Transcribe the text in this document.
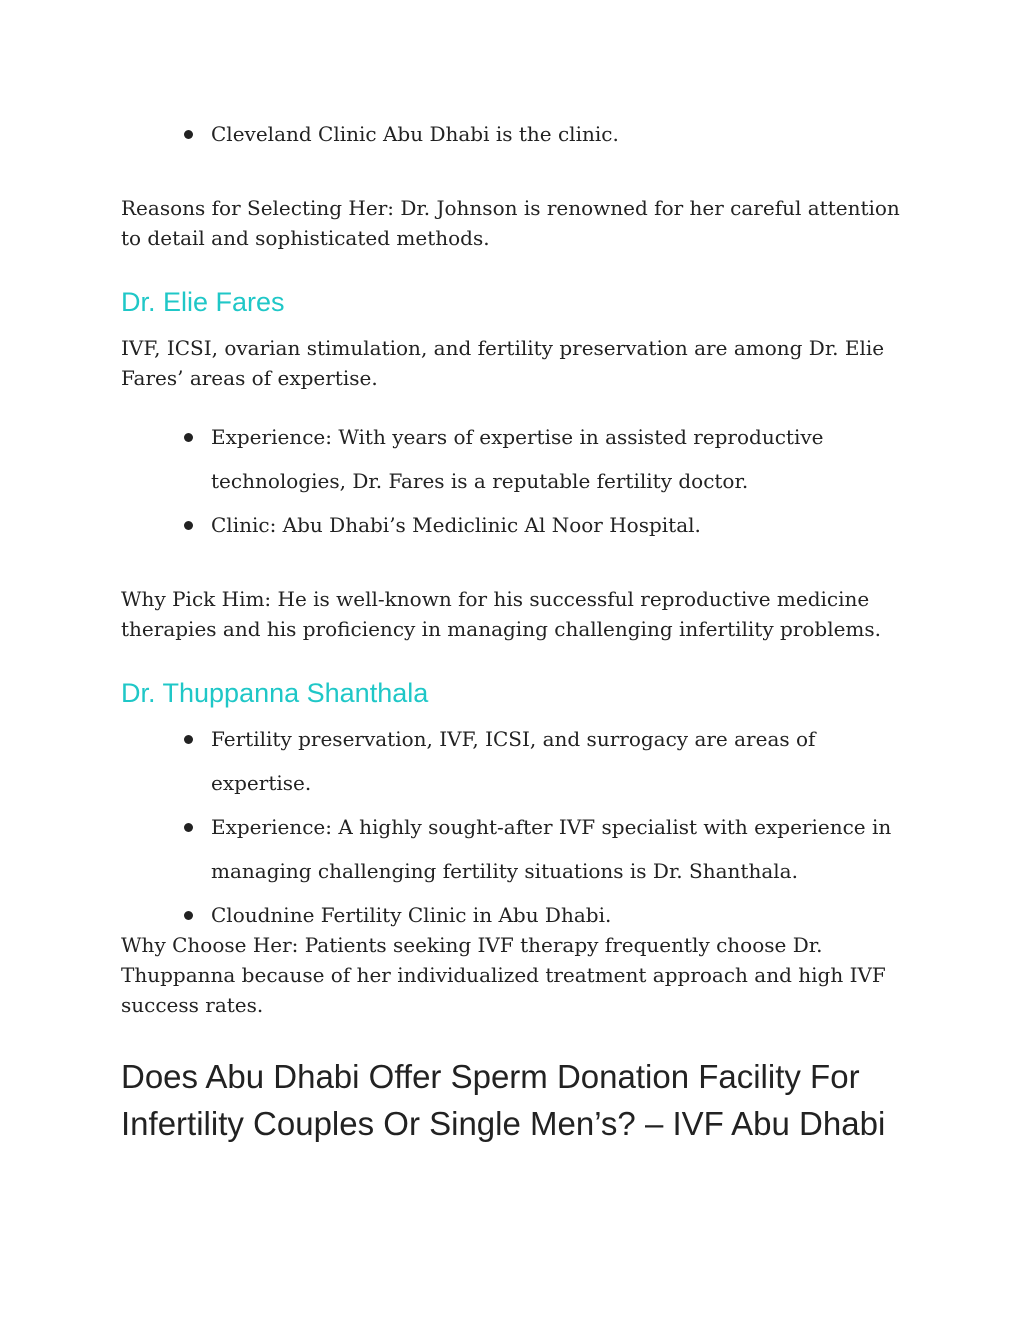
Cleveland Clinic Abu Dhabi is the clinic.

Reasons for Selecting Her: Dr. Johnson is renowned for her careful attention to detail and sophisticated methods.

Dr. Elie Fares

IVF, ICSI, ovarian stimulation, and fertility preservation are among Dr. Elie Fares’ areas of expertise.

Experience: With years of expertise in assisted reproductive technologies, Dr. Fares is a reputable fertility doctor.
Clinic: Abu Dhabi’s Mediclinic Al Noor Hospital.

Why Pick Him: He is well-known for his successful reproductive medicine therapies and his proficiency in managing challenging infertility problems.

Dr. Thuppanna Shanthala
Fertility preservation, IVF, ICSI, and surrogacy are areas of expertise.
Experience: A highly sought-after IVF specialist with experience in managing challenging fertility situations is Dr. Shanthala.
Cloudnine Fertility Clinic in Abu Dhabi.

Why Choose Her: Patients seeking IVF therapy frequently choose Dr. Thuppanna because of her individualized treatment approach and high IVF success rates.

Does Abu Dhabi Offer Sperm Donation Facility For Infertility Couples Or Single Men’s? – IVF Abu Dhabi
